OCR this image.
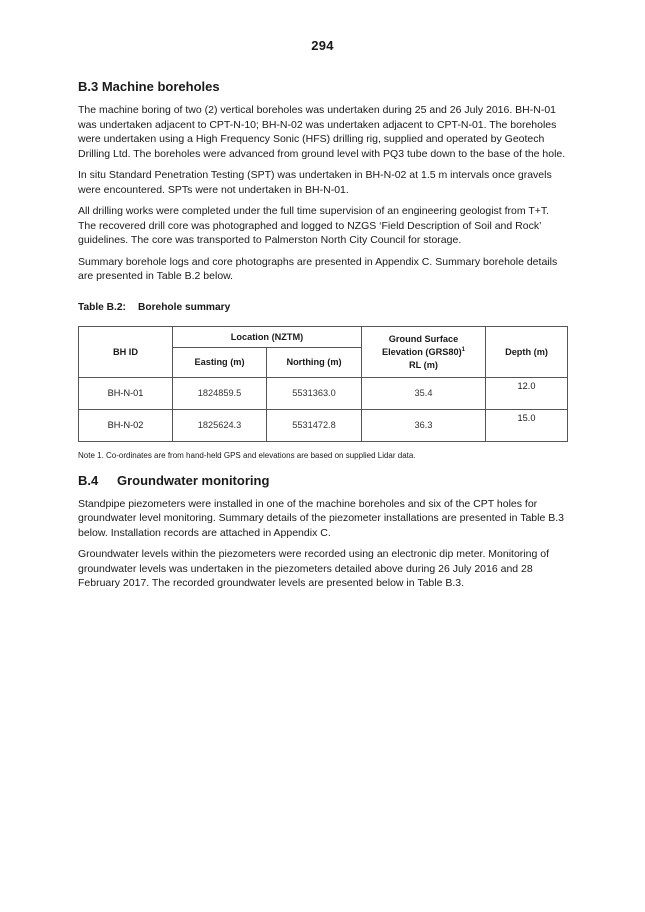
294
B.3 Machine boreholes

The machine boring of two (2) vertical boreholes was undertaken during 25 and 26 July 2016. BH-N-01 was undertaken adjacent to CPT-N-10; BH-N-02 was undertaken adjacent to CPT-N-01. The boreholes were undertaken using a High Frequency Sonic (HFS) drilling rig, supplied and operated by Geotech Drilling Ltd. The boreholes were advanced from ground level with PQ3 tube down to the base of the hole.

In situ Standard Penetration Testing (SPT) was undertaken in BH-N-02 at 1.5 m intervals once gravels were encountered. SPTs were not undertaken in BH-N-01.

All drilling works were completed under the full time supervision of an engineering geologist from T+T. The recovered drill core was photographed and logged to NZGS ‘Field Description of Soil and Rock’ guidelines. The core was transported to Palmerston North City Council for storage.

Summary borehole logs and core photographs are presented in Appendix C. Summary borehole details are presented in Table B.2 below.

Table B.2: Borehole summary
BH ID	Location (NZTM)		Ground Surface
Elevation $(GRS80)^1$
RL (m)	Depth (m)
	Easting (m)	Northing (m)		
BH-N-01	1824859.5	5531363.0	35.4	12.0
BH-N-02	1825624.3	5531472.8	36.3	15.0
Note 1. Co-ordinates are from hand-held GPS and elevations are based on supplied Lidar data.
B.4 Groundwater monitoring

Standpipe piezometers were installed in one of the machine boreholes and six of the CPT holes for groundwater level monitoring. Summary details of the piezometer installations are presented in Table B.3 below. Installation records are attached in Appendix C.

Groundwater levels within the piezometers were recorded using an electronic dip meter. Monitoring of groundwater levels was undertaken in the piezometers detailed above during 26 July 2016 and 28 February 2017. The recorded groundwater levels are presented below in Table B.3.
